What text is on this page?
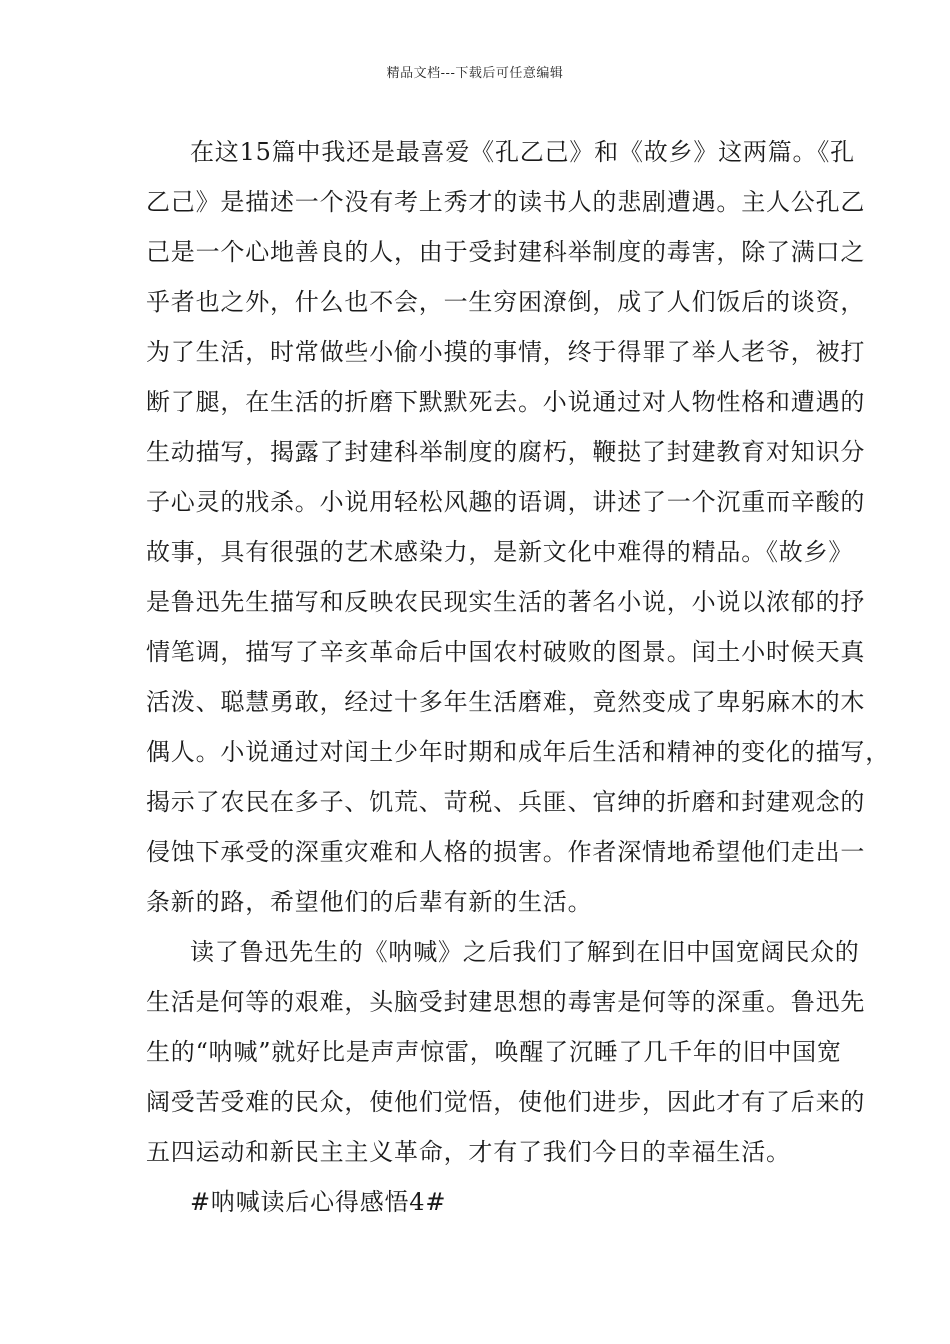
精品文档---下载后可任意编辑
在这15篇中我还是最喜爱《孔乙己》和《故乡》这两篇。《孔
乙己》是描述一个没有考上秀才的读书人的悲剧遭遇。主人公孔乙
己是一个心地善良的人，由于受封建科举制度的毒害，除了满口之
乎者也之外，什么也不会，一生穷困潦倒，成了人们饭后的谈资，
为了生活，时常做些小偷小摸的事情，终于得罪了举人老爷，被打
断了腿，在生活的折磨下默默死去。小说通过对人物性格和遭遇的
生动描写，揭露了封建科举制度的腐朽，鞭挞了封建教育对知识分
子心灵的戕杀。小说用轻松风趣的语调，讲述了一个沉重而辛酸的
故事，具有很强的艺术感染力，是新文化中难得的精品。《故乡》
是鲁迅先生描写和反映农民现实生活的著名小说，小说以浓郁的抒
情笔调，描写了辛亥革命后中国农村破败的图景。闰土小时候天真
活泼、聪慧勇敢，经过十多年生活磨难，竟然变成了卑躬麻木的木
偶人。小说通过对闰土少年时期和成年后生活和精神的变化的描写，
揭示了农民在多子、饥荒、苛税、兵匪、官绅的折磨和封建观念的
侵蚀下承受的深重灾难和人格的损害。作者深情地希望他们走出一
条新的路，希望他们的后辈有新的生活。
读了鲁迅先生的《呐喊》之后我们了解到在旧中国宽阔民众的
生活是何等的艰难，头脑受封建思想的毒害是何等的深重。鲁迅先
生的“呐喊”就好比是声声惊雷，唤醒了沉睡了几千年的旧中国宽
阔受苦受难的民众，使他们觉悟，使他们进步，因此才有了后来的
五四运动和新民主主义革命，才有了我们今日的幸福生活。
#呐喊读后心得感悟4#
